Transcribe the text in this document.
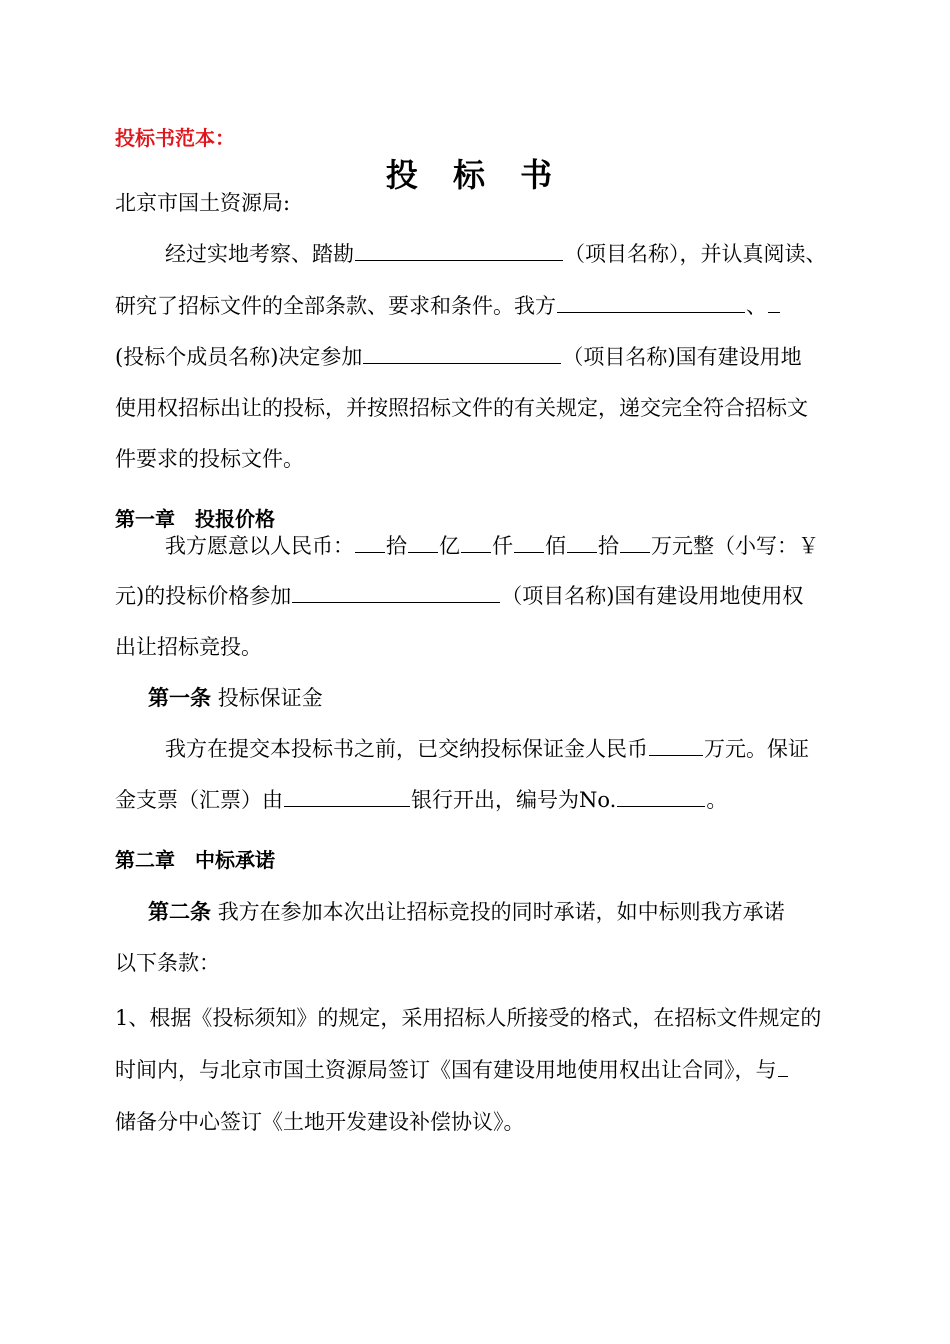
投标书范本：
投 标 书
北京市国土资源局:
经过实地考察、踏勘	（项目名称），并认真阅读、
研究了招标文件的全部条款、要求和条件。我方	、
(投标个成员名称)决定参加	（项目名称)国有建设用地
使用权招标出让的投标，并按照招标文件的有关规定，递交完全符合招标文
件要求的投标文件。
第一章　投报价格
我方愿意以人民币： 拾 亿 仟 佰 拾 万元整（小写：￥
元)的投标价格参加	（项目名称)国有建设用地使用权
出让招标竞投。
第一条 投标保证金
我方在提交本投标书之前，已交纳投标保证金人民币	万元。保证
金支票（汇票）由	银行开出，编号为No.	。
第二章　中标承诺
第二条 我方在参加本次出让招标竞投的同时承诺，如中标则我方承诺
以下条款：
1、根据《投标须知》的规定，采用招标人所接受的格式，在招标文件规定的
时间内，与北京市国土资源局签订《国有建设用地使用权出让合同》，与
储备分中心签订《土地开发建设补偿协议》。
